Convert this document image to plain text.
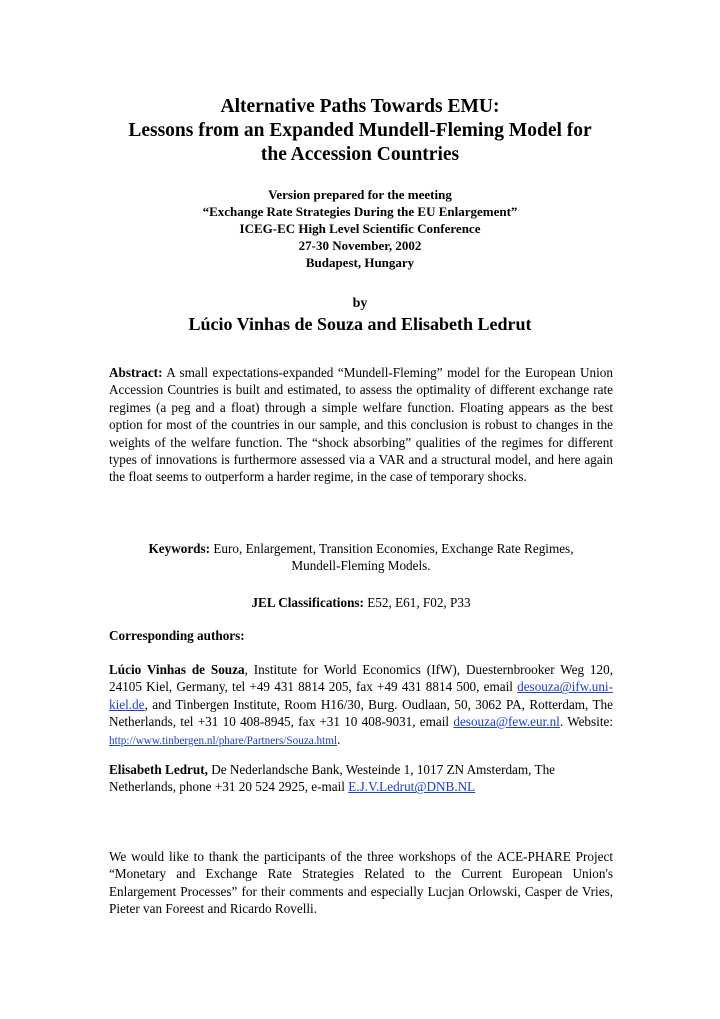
Alternative Paths Towards EMU:
Lessons from an Expanded Mundell-Fleming Model for
the Accession Countries
Version prepared for the meeting
“Exchange Rate Strategies During the EU Enlargement”
ICEG-EC High Level Scientific Conference
27-30 November, 2002
Budapest, Hungary
by
Lúcio Vinhas de Souza and Elisabeth Ledrut
Abstract: A small expectations-expanded “Mundell-Fleming” model for the European Union Accession Countries is built and estimated, to assess the optimality of different exchange rate regimes (a peg and a float) through a simple welfare function. Floating appears as the best option for most of the countries in our sample, and this conclusion is robust to changes in the weights of the welfare function. The “shock absorbing” qualities of the regimes for different types of innovations is furthermore assessed via a VAR and a structural model, and here again the float seems to outperform a harder regime, in the case of temporary shocks.
Keywords: Euro, Enlargement, Transition Economies, Exchange Rate Regimes,
Mundell-Fleming Models.
JEL Classifications: E52, E61, F02, P33
Corresponding authors:
Lúcio Vinhas de Souza, Institute for World Economics (IfW), Duesternbrooker Weg 120, 24105 Kiel, Germany, tel +49 431 8814 205, fax +49 431 8814 500, email desouza@ifw.uni-kiel.de, and Tinbergen Institute, Room H16/30, Burg. Oudlaan, 50, 3062 PA, Rotterdam, The Netherlands, tel +31 10 408-8945, fax +31 10 408-9031, email desouza@few.eur.nl. Website: http://www.tinbergen.nl/phare/Partners/Souza.html.
Elisabeth Ledrut, De Nederlandsche Bank, Westeinde 1, 1017 ZN Amsterdam, The Netherlands, phone +31 20 524 2925, e-mail E.J.V.Ledrut@DNB.NL
We would like to thank the participants of the three workshops of the ACE-PHARE Project “Monetary and Exchange Rate Strategies Related to the Current European Union's Enlargement Processes” for their comments and especially Lucjan Orlowski, Casper de Vries, Pieter van Foreest and Ricardo Rovelli.
